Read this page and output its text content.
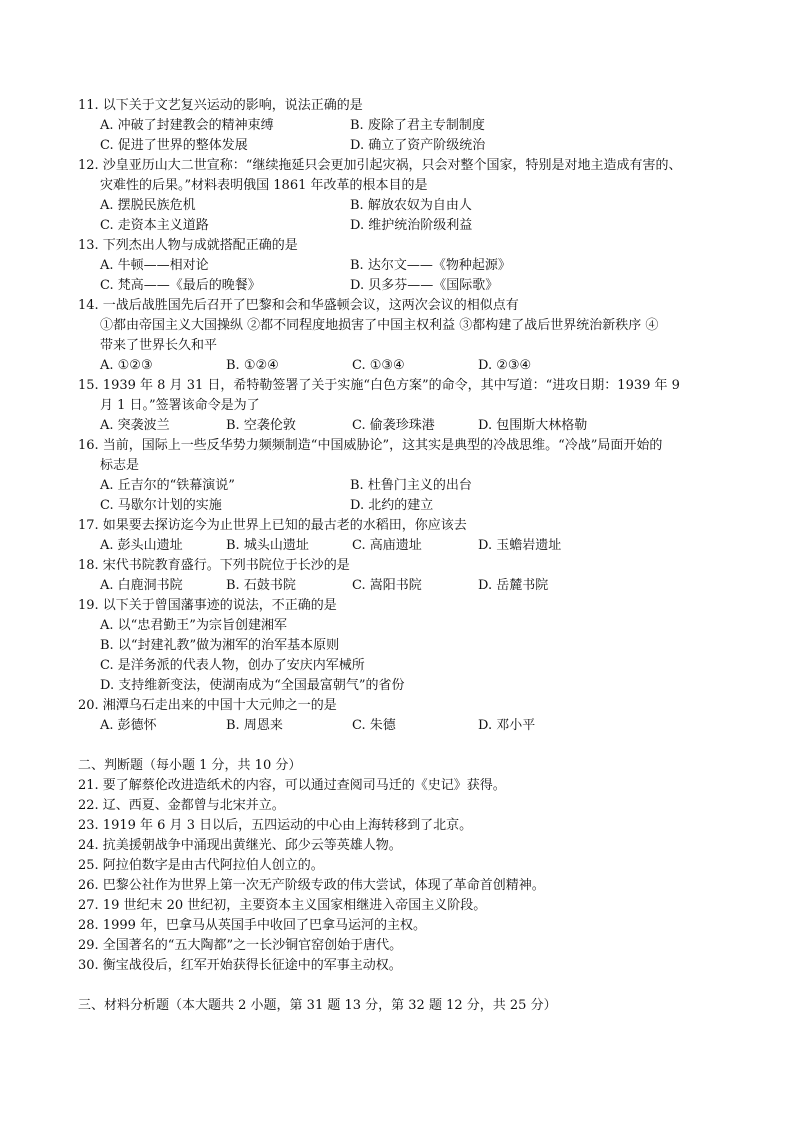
11. 以下关于文艺复兴运动的影响，说法正确的是
A. 冲破了封建教会的精神束缚	B. 废除了君主专制制度
C. 促进了世界的整体发展	D. 确立了资产阶级统治
12. 沙皇亚历山大二世宣称：“继续拖延只会更加引起灾祸，只会对整个国家，特别是对地主造成有害的、
灾难性的后果。”材料表明俄国 1861 年改革的根本目的是
A. 摆脱民族危机	B. 解放农奴为自由人
C. 走资本主义道路	D. 维护统治阶级利益
13. 下列杰出人物与成就搭配正确的是
A. 牛顿——相对论	B. 达尔文——《物种起源》
C. 梵高——《最后的晚餐》	D. 贝多芬——《国际歌》
14. 一战后战胜国先后召开了巴黎和会和华盛顿会议，这两次会议的相似点有
①都由帝国主义大国操纵 ②都不同程度地损害了中国主权利益 ③都构建了战后世界统治新秩序 ④
带来了世界长久和平
A. ①②③	B. ①②④	C. ①③④	D. ②③④
15. 1939 年 8 月 31 日，希特勒签署了关于实施“白色方案”的命令，其中写道：“进攻日期：1939 年 9
月 1 日。”签署该命令是为了
A. 突袭波兰	B. 空袭伦敦	C. 偷袭珍珠港	D. 包围斯大林格勒
16. 当前，国际上一些反华势力频频制造“中国威胁论”，这其实是典型的冷战思维。“冷战”局面开始的
标志是
A. 丘吉尔的“铁幕演说”	B. 杜鲁门主义的出台
C. 马歇尔计划的实施	D. 北约的建立
17. 如果要去探访迄今为止世界上已知的最古老的水稻田，你应该去
A. 彭头山遗址	B. 城头山遗址	C. 高庙遗址	D. 玉蟾岩遗址
18. 宋代书院教育盛行。下列书院位于长沙的是
A. 白鹿洞书院	B. 石鼓书院	C. 嵩阳书院	D. 岳麓书院
19. 以下关于曾国藩事迹的说法，不正确的是
A. 以“忠君勤王”为宗旨创建湘军
B. 以“封建礼教”做为湘军的治军基本原则
C. 是洋务派的代表人物，创办了安庆内军械所
D. 支持维新变法，使湖南成为“全国最富朝气”的省份
20. 湘潭乌石走出来的中国十大元帅之一的是
A. 彭德怀	B. 周恩来	C. 朱德	D. 邓小平
二、判断题（每小题 1 分，共 10 分）
21. 要了解蔡伦改进造纸术的内容，可以通过查阅司马迁的《史记》获得。
22. 辽、西夏、金都曾与北宋并立。
23. 1919 年 6 月 3 日以后，五四运动的中心由上海转移到了北京。
24. 抗美援朝战争中涌现出黄继光、邱少云等英雄人物。
25. 阿拉伯数字是由古代阿拉伯人创立的。
26. 巴黎公社作为世界上第一次无产阶级专政的伟大尝试，体现了革命首创精神。
27. 19 世纪末 20 世纪初，主要资本主义国家相继进入帝国主义阶段。
28. 1999 年，巴拿马从英国手中收回了巴拿马运河的主权。
29. 全国著名的“五大陶都”之一长沙铜官窑创始于唐代。
30. 衡宝战役后，红军开始获得长征途中的军事主动权。
三、材料分析题（本大题共 2 小题，第 31 题 13 分，第 32 题 12 分，共 25 分）
